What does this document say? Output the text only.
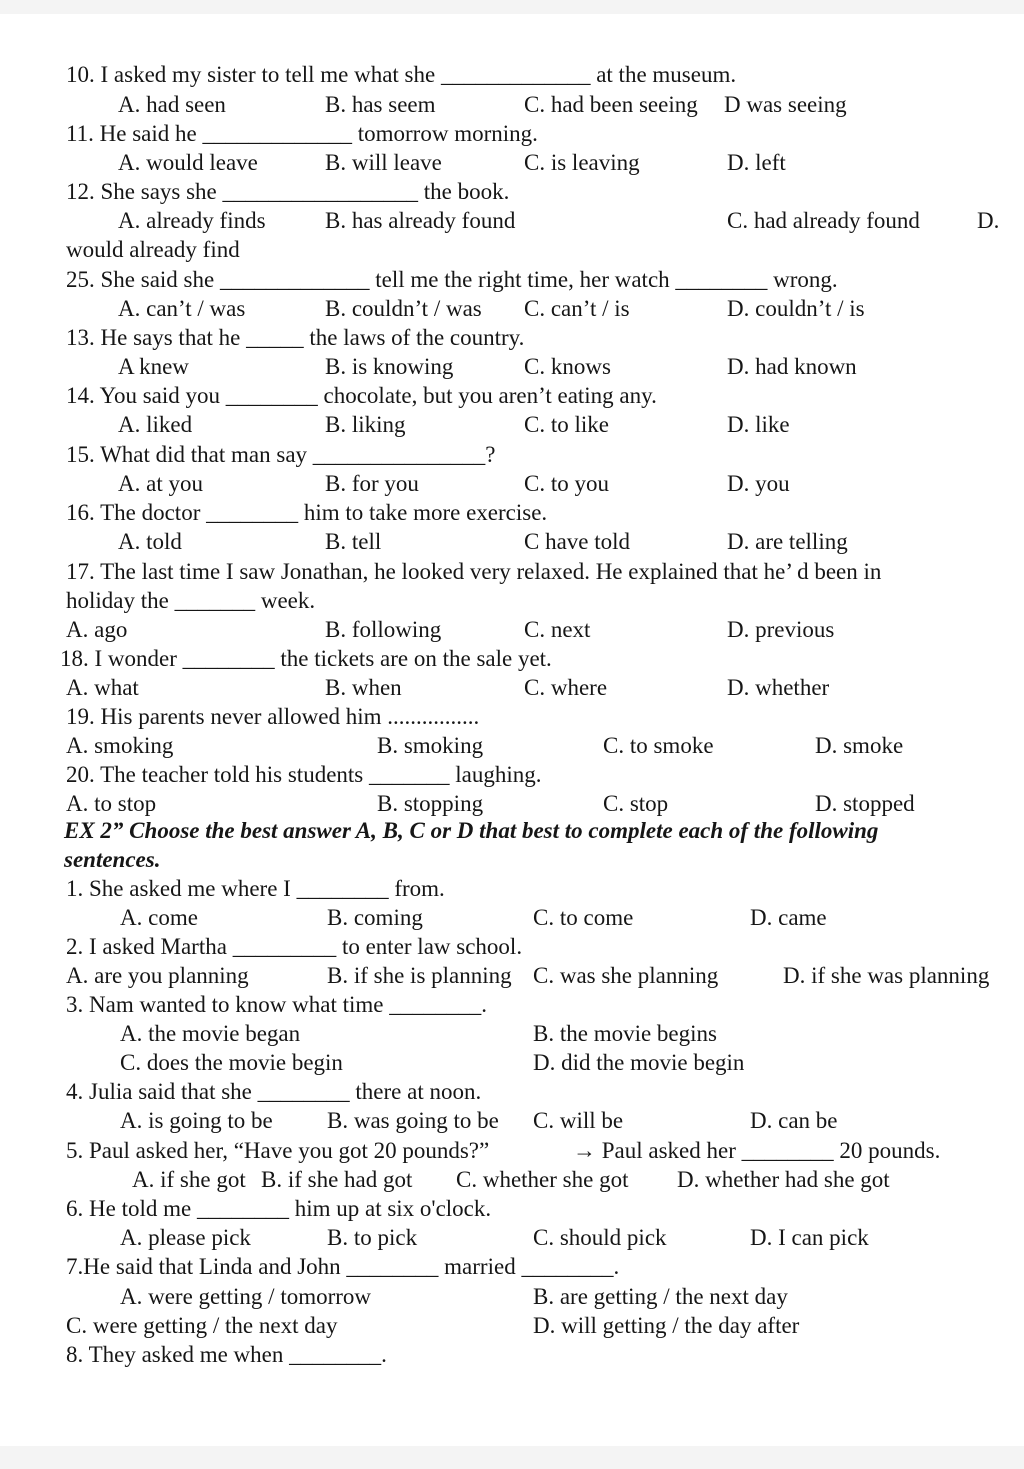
10. I asked my sister to tell me what she _____________ at the museum.
A. had seen	B. has seem	C. had been seeing D was seeing
11. He said he _____________ tomorrow morning.
A. would leave	B. will leave	C. is leaving	D. left
12. She says she _________________ the book.
A. already finds	B. has already found	C. had already found D.
would already find
25. She said she _____________ tell me the right time, her watch ________ wrong.
A. can’t / was	B. couldn’t / was C. can’t / is	D. couldn’t / is
13. He says that he _____ the laws of the country.
A knew	B. is knowing	C. knows	D. had known
14. You said you ________ chocolate, but you aren’t eating any.
A. liked	B. liking	C. to like	D. like
15. What did that man say _______________?
A. at you	B. for you	C. to you	D. you
16. The doctor ________ him to take more exercise.
A. told	B. tell	C have told	D. are telling
17. The last time I saw Jonathan, he looked very relaxed. He explained that he’ d been in
holiday the _______ week.
A. ago	B. following	C. next	D. previous
18. I wonder ________ the tickets are on the sale yet.
A. what	B. when	C. where	D. whether
19. His parents never allowed him ................
A. smoking	B. smoking	C. to smoke	D. smoke
20. The teacher told his students _______ laughing.
A. to stop	B. stopping	C. stop	D. stopped
EX 2” Choose the best answer A, B, C or D that best to complete each of the following
sentences.
1. She asked me where I ________ from.
A. come	B. coming	C. to come	D. came
2. I asked Martha _________ to enter law school.
A. are you planning	B. if she is planning C. was she planning	D. if she was planning
3. Nam wanted to know what time ________.
A. the movie began	B. the movie begins
C. does the movie begin	D. did the movie begin
4. Julia said that she ________ there at noon.
A. is going to be B. was going to be C. will be	D. can be
5. Paul asked her, “Have you got 20 pounds?”	→ Paul asked her ________ 20 pounds.
A. if she got B. if she had got C. whether she got D. whether had she got
6. He told me ________ him up at six o'clock.
A. please pick	B. to pick	C. should pick	D. I can pick
7.He said that Linda and John ________ married ________.
A. were getting / tomorrow	B. are getting / the next day
C. were getting / the next day	D. will getting / the day after
8. They asked me when ________.
